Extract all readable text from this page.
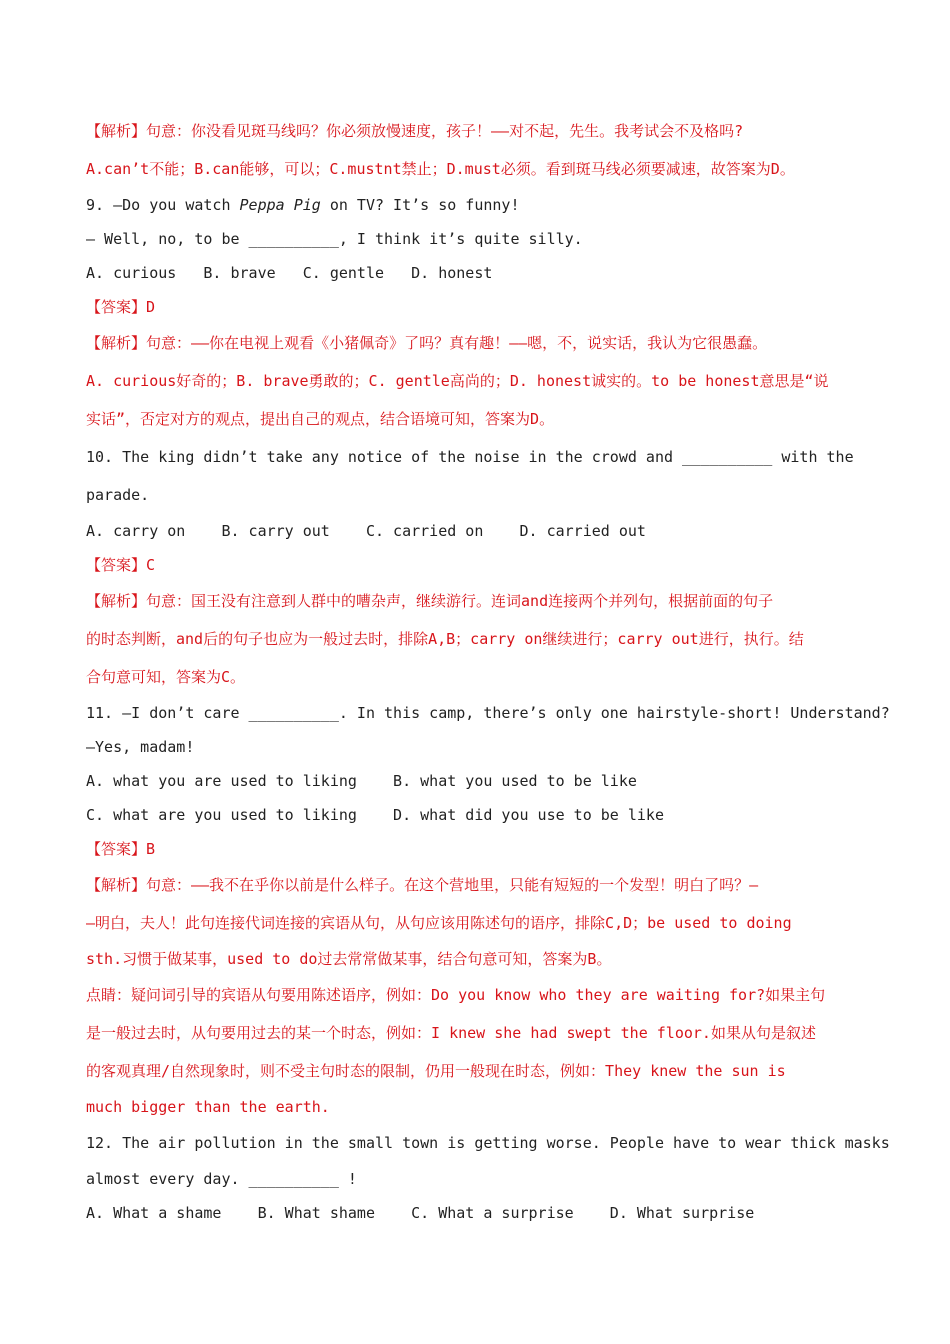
【解析】句意：你没看见斑马线吗？你必须放慢速度，孩子！——对不起，先生。我考试会不及格吗?
A.can’t不能；B.can能够，可以；C.mustnt禁止；D.must必须。看到斑马线必须要减速，故答案为D。
9. —Do you watch Peppa Pig on TV? It’s so funny!
— Well, no, to be __________, I think it’s quite silly.
A. curious   B. brave   C. gentle   D. honest
【答案】D
【解析】句意：——你在电视上观看《小猪佩奇》了吗？真有趣！——嗯，不，说实话，我认为它很愚蠢。
A. curious好奇的；B. brave勇敢的；C. gentle高尚的；D. honest诚实的。to be honest意思是“说
实话”，否定对方的观点，提出自己的观点，结合语境可知，答案为D。
10. The king didn’t take any notice of the noise in the crowd and __________ with the
parade.
A. carry on    B. carry out    C. carried on    D. carried out
【答案】C
【解析】句意：国王没有注意到人群中的嘈杂声，继续游行。连词and连接两个并列句，根据前面的句子
的时态判断，and后的句子也应为一般过去时，排除A,B；carry on继续进行；carry out进行，执行。结
合句意可知，答案为C。
11. —I don’t care __________. In this camp, there’s only one hairstyle-short! Understand?
—Yes, madam!
A. what you are used to liking    B. what you used to be like
C. what are you used to liking    D. what did you use to be like
【答案】B
【解析】句意：——我不在乎你以前是什么样子。在这个营地里，只能有短短的一个发型！明白了吗？—
—明白，夫人！此句连接代词连接的宾语从句，从句应该用陈述句的语序，排除C,D；be used to doing
sth.习惯于做某事，used to do过去常常做某事，结合句意可知，答案为B。
点睛：疑问词引导的宾语从句要用陈述语序，例如：Do you know who they are waiting for?如果主句
是一般过去时，从句要用过去的某一个时态，例如：I knew she had swept the floor.如果从句是叙述
的客观真理/自然现象时，则不受主句时态的限制，仍用一般现在时态，例如：They knew the sun is
much bigger than the earth.
12. The air pollution in the small town is getting worse. People have to wear thick masks
almost every day. __________ !
A. What a shame    B. What shame    C. What a surprise    D. What surprise
